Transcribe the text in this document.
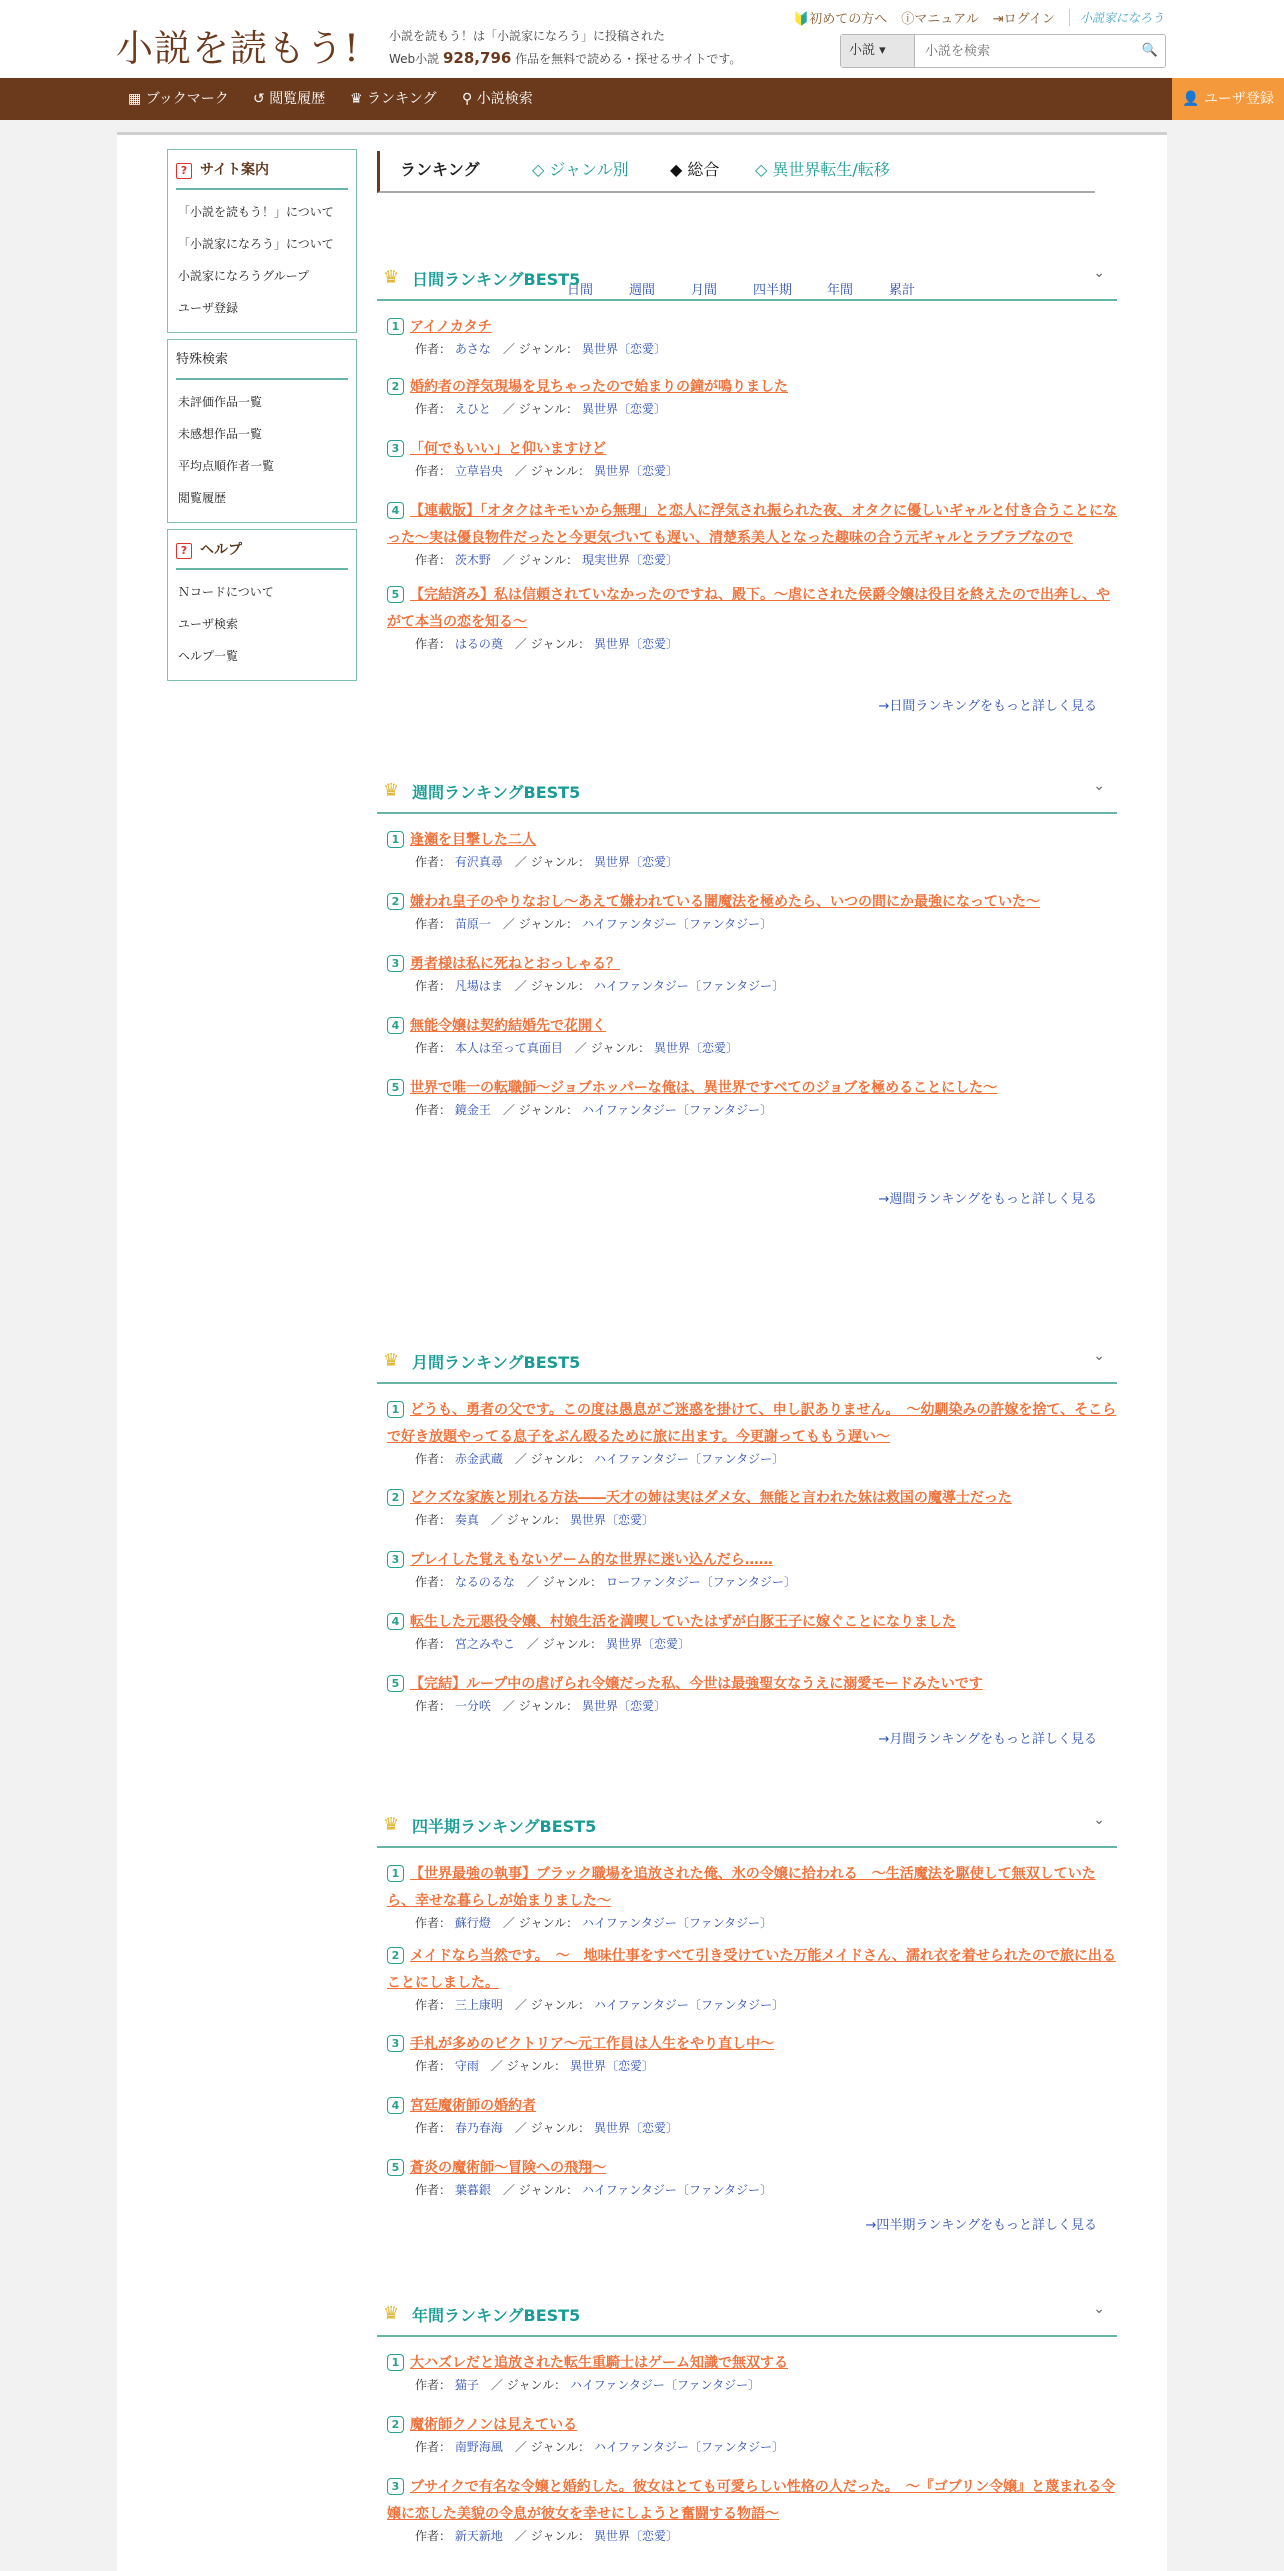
小説を読もう! 小説を読もう！は「小説家になろう」に投稿された
Web小説 928,796 作品を無料で読める・探せるサイトです。
🔰初めての方へ ⓘマニュアル ⇥ログイン	小説家になろう
小説 ▾
小説を検索	🔍
▦ ブックマーク ↺ 閲覧履歴 ♛ ランキング ⚲ 小説検索	👤 ユーザ登録
? サイト案内
「小説を読もう！」について
「小説家になろう」について
小説家になろうグループ
ユーザ登録
特殊検索
未評価作品一覧
未感想作品一覧
平均点順作者一覧
閲覧履歴
? ヘルプ
Ｎコードについて
ユーザ検索
ヘルプ一覧
ランキング	◇ ジャンル別	◆ 総合 ◇ 異世界転生/転移
日間	週間	月間	四半期	年間	累計
♛ 日間ランキングBEST5	⌄
1 アイノカタチ
作者： あさな　 ／ ジャンル： 異世界〔恋愛〕
2 婚約者の浮気現場を見ちゃったので始まりの鐘が鳴りました
作者： えひと　 ／ ジャンル： 異世界〔恋愛〕
3 「何でもいい」と仰いますけど
作者： 立草岩央　 ／ ジャンル： 異世界〔恋愛〕
4 【連載版】「オタクはキモいから無理」と恋人に浮気され振られた夜、オタクに優しいギャルと付き合うことになった～実は優良物件だったと今更気づいても遅い、清楚系美人となった趣味の合う元ギャルとラブラブなので
作者： 茨木野　 ／ ジャンル： 現実世界〔恋愛〕
5 【完結済み】私は信頼されていなかったのですね、殿下。～虐にされた侯爵令嬢は役目を終えたので出奔し、やがて本当の恋を知る～
作者： はるの奠　 ／ ジャンル： 異世界〔恋愛〕
→日間ランキングをもっと詳しく見る
♛ 週間ランキングBEST5	⌄
1 逢瀬を目撃した二人
作者： 有沢真尋　 ／ ジャンル： 異世界〔恋愛〕
2 嫌われ皇子のやりなおし～あえて嫌われている闇魔法を極めたら、いつの間にか最強になっていた～
作者： 苗原一　 ／ ジャンル： ハイファンタジー〔ファンタジー〕
3 勇者様は私に死ねとおっしゃる？
作者： 凡場はま　 ／ ジャンル： ハイファンタジー〔ファンタジー〕
4 無能令嬢は契約結婚先で花開く
作者： 本人は至って真面目　 ／ ジャンル： 異世界〔恋愛〕
5 世界で唯一の転職師～ジョブホッパーな俺は、異世界ですべてのジョブを極めることにした～
作者： 鏡金王　 ／ ジャンル： ハイファンタジー〔ファンタジー〕
→週間ランキングをもっと詳しく見る
♛ 月間ランキングBEST5	⌄
1 どうも、勇者の父です。この度は愚息がご迷惑を掛けて、申し訳ありません。　～幼馴染みの許嫁を捨て、そこらで好き放題やってる息子をぶん殴るために旅に出ます。今更謝ってももう遅い～
作者： 赤金武蔵　 ／ ジャンル： ハイファンタジー〔ファンタジー〕
2 どクズな家族と別れる方法――天才の姉は実はダメ女、無能と言われた妹は救国の魔導士だった
作者： 奏真　 ／ ジャンル： 異世界〔恋愛〕
3 プレイした覚えもないゲーム的な世界に迷い込んだら……
作者： なるのるな　 ／ ジャンル： ローファンタジー〔ファンタジー〕
4 転生した元悪役令嬢、村娘生活を満喫していたはずが白豚王子に嫁ぐことになりました
作者： 宮之みやこ　 ／ ジャンル： 異世界〔恋愛〕
5 【完結】ループ中の虐げられ令嬢だった私、今世は最強聖女なうえに溺愛モードみたいです
作者： 一分咲　 ／ ジャンル： 異世界〔恋愛〕
→月間ランキングをもっと詳しく見る
♛ 四半期ランキングBEST5	⌄
1 【世界最強の執事】ブラック職場を追放された俺、氷の令嬢に拾われる　～生活魔法を駆使して無双していたら、幸せな暮らしが始まりました～
作者： 蘇行燈　 ／ ジャンル： ハイファンタジー〔ファンタジー〕
2 メイドなら当然です。　～　地味仕事をすべて引き受けていた万能メイドさん、濡れ衣を着せられたので旅に出ることにしました。
作者： 三上康明　 ／ ジャンル： ハイファンタジー〔ファンタジー〕
3 手札が多めのビクトリア〜元工作員は人生をやり直し中〜
作者： 守雨　 ／ ジャンル： 異世界〔恋愛〕
4 宮廷魔術師の婚約者
作者： 春乃春海　 ／ ジャンル： 異世界〔恋愛〕
5 蒼炎の魔術師〜冒険への飛翔〜
作者： 葉暮銀　 ／ ジャンル： ハイファンタジー〔ファンタジー〕
→四半期ランキングをもっと詳しく見る
♛ 年間ランキングBEST5	⌄
1 大ハズレだと追放された転生重騎士はゲーム知識で無双する
作者： 猫子　 ／ ジャンル： ハイファンタジー〔ファンタジー〕
2 魔術師クノンは見えている
作者： 南野海風　 ／ ジャンル： ハイファンタジー〔ファンタジー〕
3 ブサイクで有名な令嬢と婚約した。彼女はとても可愛らしい性格の人だった。　～『ゴブリン令嬢』と蔑まれる令嬢に恋した美貌の令息が彼女を幸せにしようと奮闘する物語～
作者： 新天新地　 ／ ジャンル： 異世界〔恋愛〕
